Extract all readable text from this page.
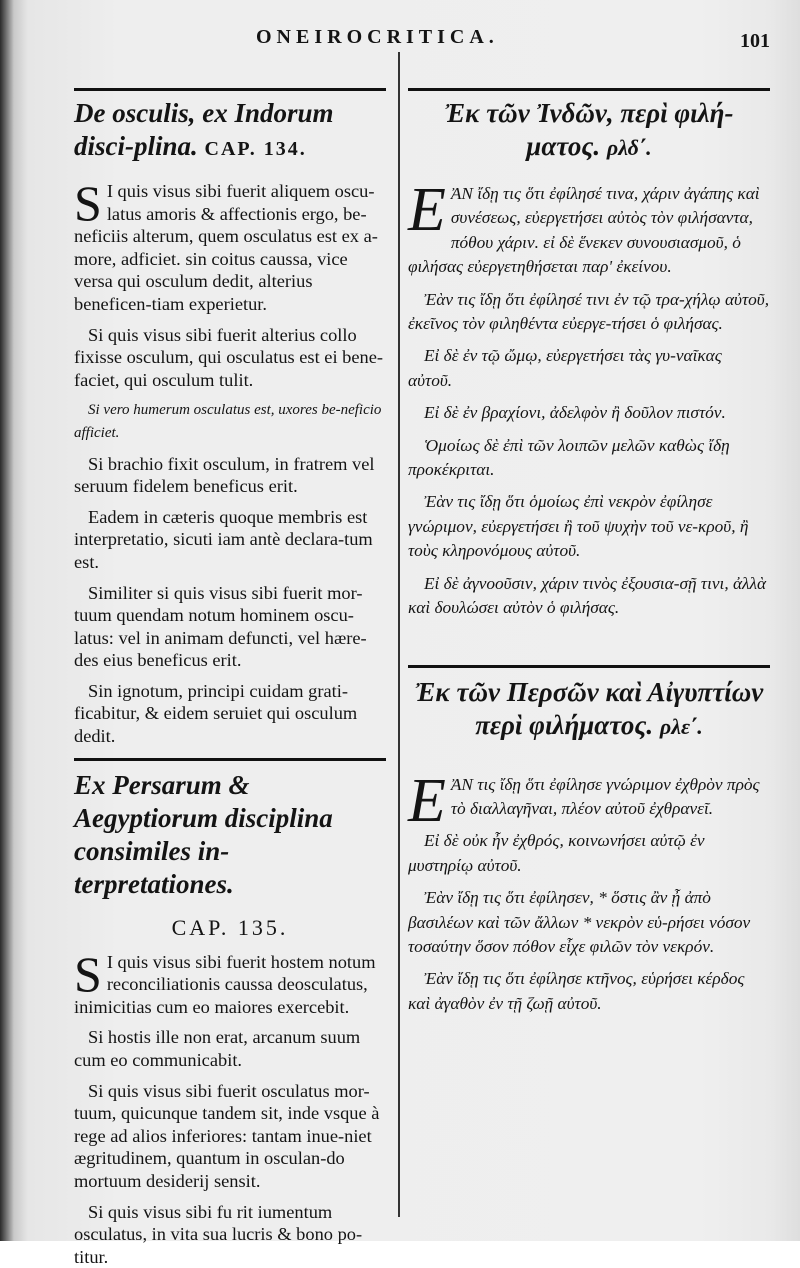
ONEIROCRITICA.	101
De osculis, ex Indorum disci-plina. CAP. 134.

S I quis visus sibi fuerit aliquem oscu-latus amoris & affectionis ergo, be-neficiis alterum, quem osculatus est ex a-more, adficiet. sin coitus caussa, vice versa qui osculum dedit, alterius beneficen-tiam experietur.

Si quis visus sibi fuerit alterius collo fixisse osculum, qui osculatus est ei bene-faciet, qui osculum tulit.

Si vero humerum osculatus est, uxores be-neficio afficiet.

Si brachio fixit osculum, in fratrem vel seruum fidelem beneficus erit.

Eadem in cæteris quoque membris est interpretatio, sicuti iam antè declara-tum est.

Similiter si quis visus sibi fuerit mor-tuum quendam notum hominem oscu-latus: vel in animam defuncti, vel hære-des eius beneficus erit.

Sin ignotum, principi cuidam grati-ficabitur, & eidem seruiet qui osculum dedit.

Ex Persarum & Aegyptiorum disciplina consimiles in-terpretationes.
CAP. 135.

S I quis visus sibi fuerit hostem notum reconciliationis caussa deosculatus, inimicitias cum eo maiores exercebit.

Si hostis ille non erat, arcanum suum cum eo communicabit.

Si quis visus sibi fuerit osculatus mor-tuum, quicunque tandem sit, inde vsque à rege ad alios inferiores: tantam inue-niet ægritudinem, quantum in osculan-do mortuum desiderij sensit.

Si quis visus sibi fu rit iumentum osculatus, in vita sua lucris & bono po-titur.

Ἐκ τῶν Ἰνδῶν, περὶ φιλή-ματος. ρλδ΄.

ΕἈΝ ἴδῃ τις ὅτι ἐφίλησέ τινα, χάριν ἀγάπης καὶ συνέσεως, εὐεργετήσει αὐτὸς τὸν φιλήσαντα, πόθου χάριν. εἰ δὲ ἕνεκεν συνουσιασμοῦ, ὁ φιλήσας εὐεργετηθήσεται παρ' ἐκείνου.

Ἐὰν τις ἴδῃ ὅτι ἐφίλησέ τινι ἐν τῷ τρα-χήλῳ αὐτοῦ, ἐκεῖνος τὸν φιληθέντα εὐεργε-τήσει ὁ φιλήσας.

Εἰ δὲ ἐν τῷ ὤμῳ, εὐεργετήσει τὰς γυ-ναῖκας αὐτοῦ.

Εἰ δὲ ἐν βραχίονι, ἀδελφὸν ἢ δοῦλον πιστόν.

Ὁμοίως δὲ ἐπὶ τῶν λοιπῶν μελῶν καθὼς ἴδῃ προκέκριται.

Ἐὰν τις ἴδῃ ὅτι ὁμοίως ἐπὶ νεκρὸν ἐφίλησε γνώριμον, εὐεργετήσει ἢ τοῦ ψυχὴν τοῦ νε-κροῦ, ἢ τοὺς κληρονόμους αὐτοῦ.

Εἰ δὲ ἀγνοοῦσιν, χάριν τινὸς ἐξουσια-σῇ τινι, ἀλλὰ καὶ δουλώσει αὐτὸν ὁ φιλήσας.

Ἐκ τῶν Περσῶν καὶ Αἰγυπτίων περὶ φιλήματος. ρλε΄.

ΕἈΝ τις ἴδῃ ὅτι ἐφίλησε γνώριμον ἐχθρὸν πρὸς τὸ διαλλαγῆναι, πλέον αὐτοῦ ἐχθρανεῖ.

Εἰ δὲ οὐκ ἦν ἐχθρός, κοινωνήσει αὐτῷ ἐν μυστηρίῳ αὐτοῦ.

Ἐὰν ἴδῃ τις ὅτι ἐφίλησεν, * ὅστις ἂν ᾖ ἀπὸ βασιλέων καὶ τῶν ἄλλων * νεκρὸν εὑ-ρήσει νόσον τοσαύτην ὅσον πόθον εἶχε φιλῶν τὸν νεκρόν.

Ἐὰν ἴδῃ τις ὅτι ἐφίλησε κτῆνος, εὑρήσει κέρδος καὶ ἀγαθὸν ἐν τῇ ζωῇ αὐτοῦ.
